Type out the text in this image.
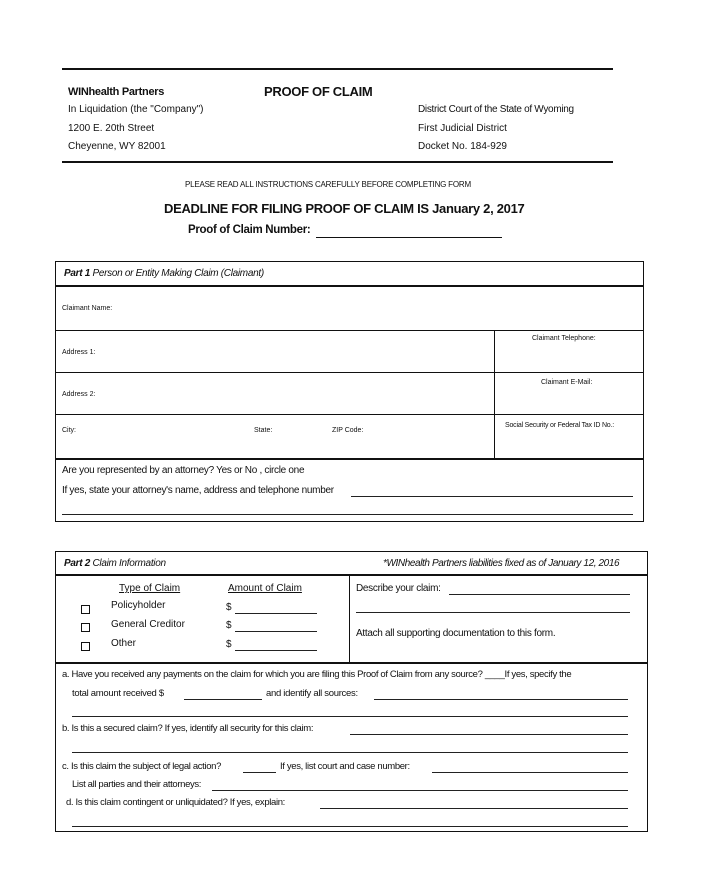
WINhealth Partners
In Liquidation (the "Company")
1200 E. 20th Street
Cheyenne, WY 82001
PROOF OF CLAIM
District Court of the State of Wyoming
First Judicial District
Docket No. 184-929
PLEASE READ ALL INSTRUCTIONS CAREFULLY BEFORE COMPLETING FORM
DEADLINE FOR FILING PROOF OF CLAIM IS January 2, 2017
Proof of Claim Number:
Part 1 Person or Entity Making Claim (Claimant)
Claimant Name:
Address 1:
Claimant Telephone:
Address 2:
Claimant E-Mail:
City:	State:	ZIP Code:
Social Security or Federal Tax ID No.:
Are you represented by an attorney? Yes or No , circle one
If yes, state your attorney's name, address and telephone number
Part 2 Claim Information	*WINhealth Partners liabilities fixed as of January 12, 2016
Type of Claim	Amount of Claim
Policyholder	$
General Creditor	$
Other	$
Describe your claim:
Attach all supporting documentation to this form.
a. Have you received any payments on the claim for which you are filing this Proof of Claim from any source? ____If yes, specify the
total amount received $	and identify all sources:
b. Is this a secured claim? If yes, identify all security for this claim:
c. Is this claim the subject of legal action?	If yes, list court and case number:
List all parties and their attorneys:
d. Is this claim contingent or unliquidated? If yes, explain:
